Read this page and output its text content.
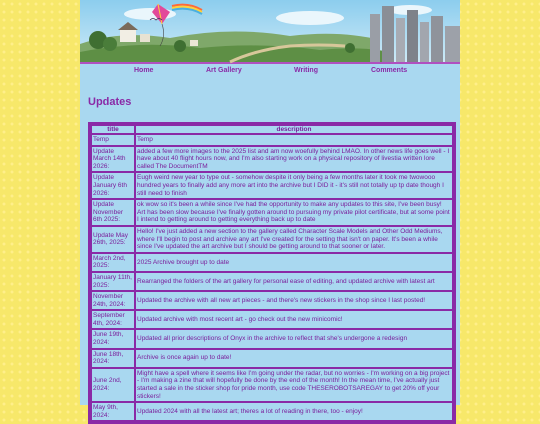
Home	Art Gallery	Writing	Comments
Updates
title	description
Temp	Temp
Update March 14th 2026:	added a few more images to the 2025 list and am now woefully behind LMAO. In other news life goes well - I have about 40 flight hours now, and I'm also starting work on a physical repository of livestia written lore called The DocumentTM
Update January 6th 2026:	Eugh weird new year to type out - somehow despite it only being a few months later it took me twowooo hundred years to finally add any more art into the archive but I DID it - it's still not totally up tp date though I still need to finish
Update November 6th 2025:	ok wow so it's been a while since I've had the opportunity to make any updates to this site, I've been busy! Art has been slow because I've finally gotten around to pursuing my private pilot certificate, but at some point I intend to getting around to getting everything back up to date
Update May 26th, 2025:	Hello! I've just added a new section to the gallery called Character Scale Models and Other Odd Mediums, where I'll begin to post and archive any art I've created for the setting that isn't on paper. It's been a while since I've updated the art archive but I should be getting around to that sooner or later.
March 2nd, 2025:	2025 Archive brought up to date
January 11th, 2025:	Rearranged the folders of the art gallery for personal ease of editing, and updated archive with latest art
November 24th, 2024:	Updated the archive with all new art pieces - and there's new stickers in the shop since I last posted!
September 4th, 2024:	Updated archive with most recent art - go check out the new minicomic!
June 19th, 2024:	Updated all prior descriptions of Onyx in the archive to reflect that she's undergone a redesign
June 18th, 2024:	Archive is once again up to date!
June 2nd, 2024:	Might have a spell where it seems like I'm going under the radar, but no worries - I'm working on a big project - I'm making a zine that will hopefully be done by the end of the month! In the mean time, I've actually just started a sale in the sticker shop for pride month, use code THESEROBOTSAREGAY to get 20% off your stickers!
May 9th, 2024:	Updated 2024 with all the latest art; theres a lot of reading in there, too - enjoy!
